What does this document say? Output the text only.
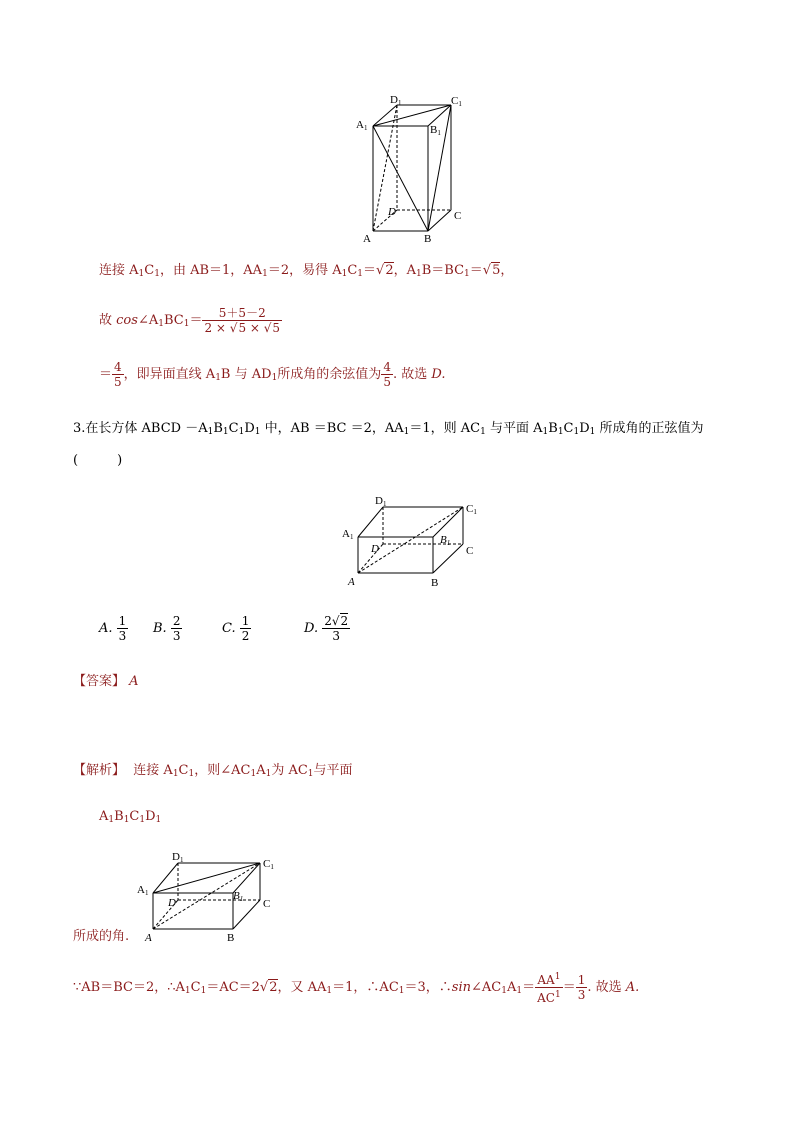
A1	B1
C1
D1
A	B
C
D
连接 $A_1C_1$，由 AB＝1，$AA_1=2$，易得 $A_1C_1=√2$，$A_1B=BC_1=√5$，
故 $\cos\angle A_1BC_1= \frac{5+5-2}{2 \times √5 \times √5}$
＝ $\frac{4}{5}$ ，即异面直线 $A_1B$ 与 $AD_1$所成角的余弦值为 $\frac{4}{5}$ . 故选 D.
3.在长方体 ABCD $-A_1B_1C_1D_1$ 中，AB ＝BC ＝2，$AA_1=1$，则 $AC_1$ 与平面 $A_1B_1C_1D_1$ 所成角的正弦值为
(　　　)
A1	B1
C1
D1
A	B
C
D
A. $\frac{1}{3} B$. $\frac{2}{3}$	C. $\frac{1}{2}$	D. $\frac{2√2}{3}$
【答案】 A
【解析】 连接 $A_1C_1$，则$\angle AC_1A_1$为 $AC_1$与平面
$A_1B_1C_1D_1$
A1	B1
C1
D1
A	B
C
D
所成的角.
∵AB＝BC＝2，$\therefore A_1C_1=AC=2√2$，又 $AA_1=1$，$\therefore AC_1=3$，$\therefore\sin\angle AC_1A_1= \frac{AA^1}{AC^1} = \frac{1}{3}$ . 故选 A.
